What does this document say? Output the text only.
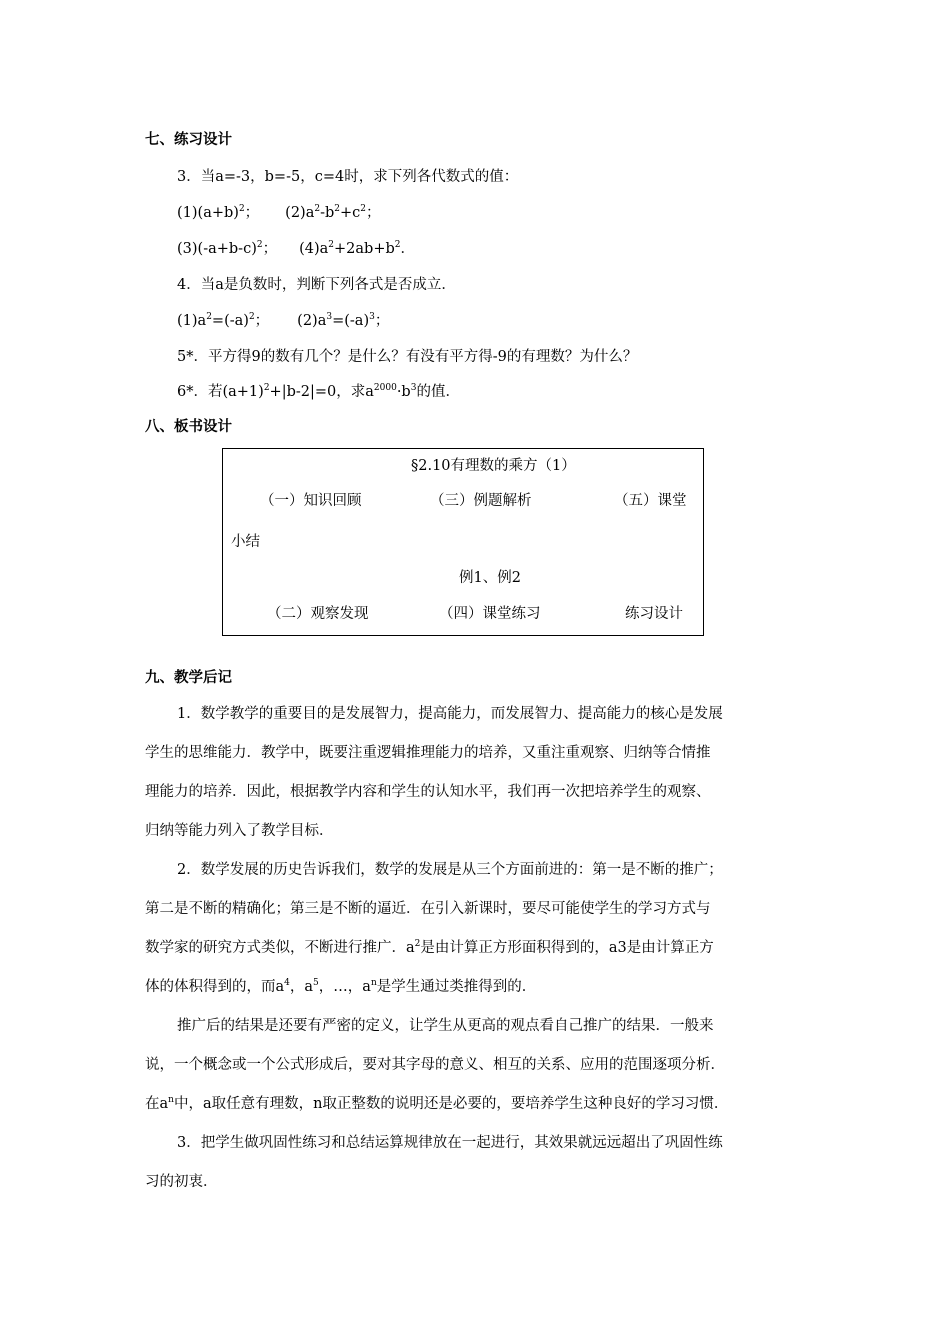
七、练习设计
3．当a=-3，b=-5，c=4时，求下列各代数式的值：
$(1)(a+b)^2$； $(2)a^2-b^2+c^2$；
$(3)(-a+b-c)^2$； $(4)a^2+2ab+b^2$．
4．当a是负数时，判断下列各式是否成立．
$(1)a^2=(-a)^2$； $(2)a^3=(-a)^3$；
5*．平方得9的数有几个？是什么？有没有平方得-9的有理数？为什么？
6*．若$(a+1)^2+|b-2|=0$，求$a^{2000}\cdot b^3$的值．
八、板书设计
§2.10有理数的乘方（1）
（一）知识回顾	（三）例题解析	（五）课堂
小结
例1、例2
（二）观察发现	（四）课堂练习	练习设计
九、教学后记
1．数学教学的重要目的是发展智力，提高能力，而发展智力、提高能力的核心是发展
学生的思维能力．教学中，既要注重逻辑推理能力的培养，又重注重观察、归纳等合情推
理能力的培养．因此，根据教学内容和学生的认知水平，我们再一次把培养学生的观察、
归纳等能力列入了教学目标．
2．数学发展的历史告诉我们，数学的发展是从三个方面前进的：第一是不断的推广；
第二是不断的精确化；第三是不断的逼近．在引入新课时，要尽可能使学生的学习方式与
数学家的研究方式类似，不断进行推广．$a^2$是由计算正方形面积得到的，a3是由计算正方
体的体积得到的，而$a^4$，$a^5$，…，$a^n$是学生通过类推得到的．
推广后的结果是还要有严密的定义，让学生从更高的观点看自己推广的结果．一般来
说，一个概念或一个公式形成后，要对其字母的意义、相互的关系、应用的范围逐项分析．
在$a^n$中，a取任意有理数，n取正整数的说明还是必要的，要培养学生这种良好的学习习惯．
3．把学生做巩固性练习和总结运算规律放在一起进行，其效果就远远超出了巩固性练
习的初衷．
